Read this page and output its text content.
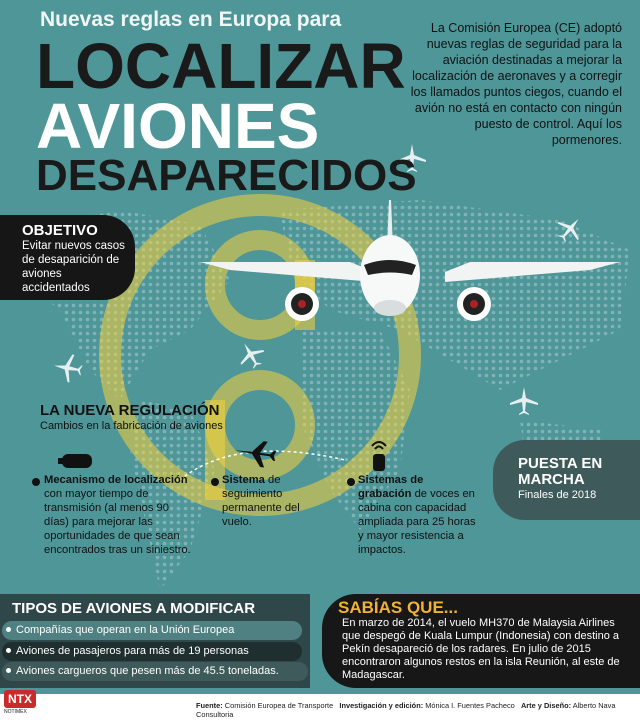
Nuevas reglas en Europa para
LOCALIZAR
AVIONES
DESAPARECIDOS
La Comisión Europea (CE) adoptó nuevas reglas de seguridad para la aviación destinadas a mejorar la localización de aeronaves y a corregir los llamados puntos ciegos, cuando el avión no está en contacto con ningún puesto de control. Aquí los pormenores.
OBJETIVO
Evitar nuevos casos de desaparición de aviones accidentados
LA NUEVA REGULACIÓN
Cambios en la fabricación de aviones
Mecanismo de localización con mayor tiempo de transmisión (al menos 90 días) para mejorar las oportunidades de que sean encontrados tras un siniestro.
Sistema de seguimiento permanente del vuelo.
Sistemas de grabación de voces en cabina con capacidad ampliada para 25 horas y mayor resistencia a impactos.
PUESTA EN MARCHA
Finales de 2018
TIPOS DE AVIONES A MODIFICAR
Compañías que operan en la Unión Europea
Aviones de pasajeros para más de 19 personas
Aviones cargueros que pesen más de 45.5 toneladas.
SABÍAS QUE...
En marzo de 2014, el vuelo MH370 de Malaysia Airlines que despegó de Kuala Lumpur (Indonesia) con destino a Pekín desapareció de los radares. En julio de 2015 encontraron algunos restos en la isla Reunión, al este de Madagascar.
NTX
NOTIMEX
Fuente: Comisión Europea de Transporte Investigación y edición: Mónica I. Fuentes Pacheco Arte y Diseño: Alberto Nava Consultoria
